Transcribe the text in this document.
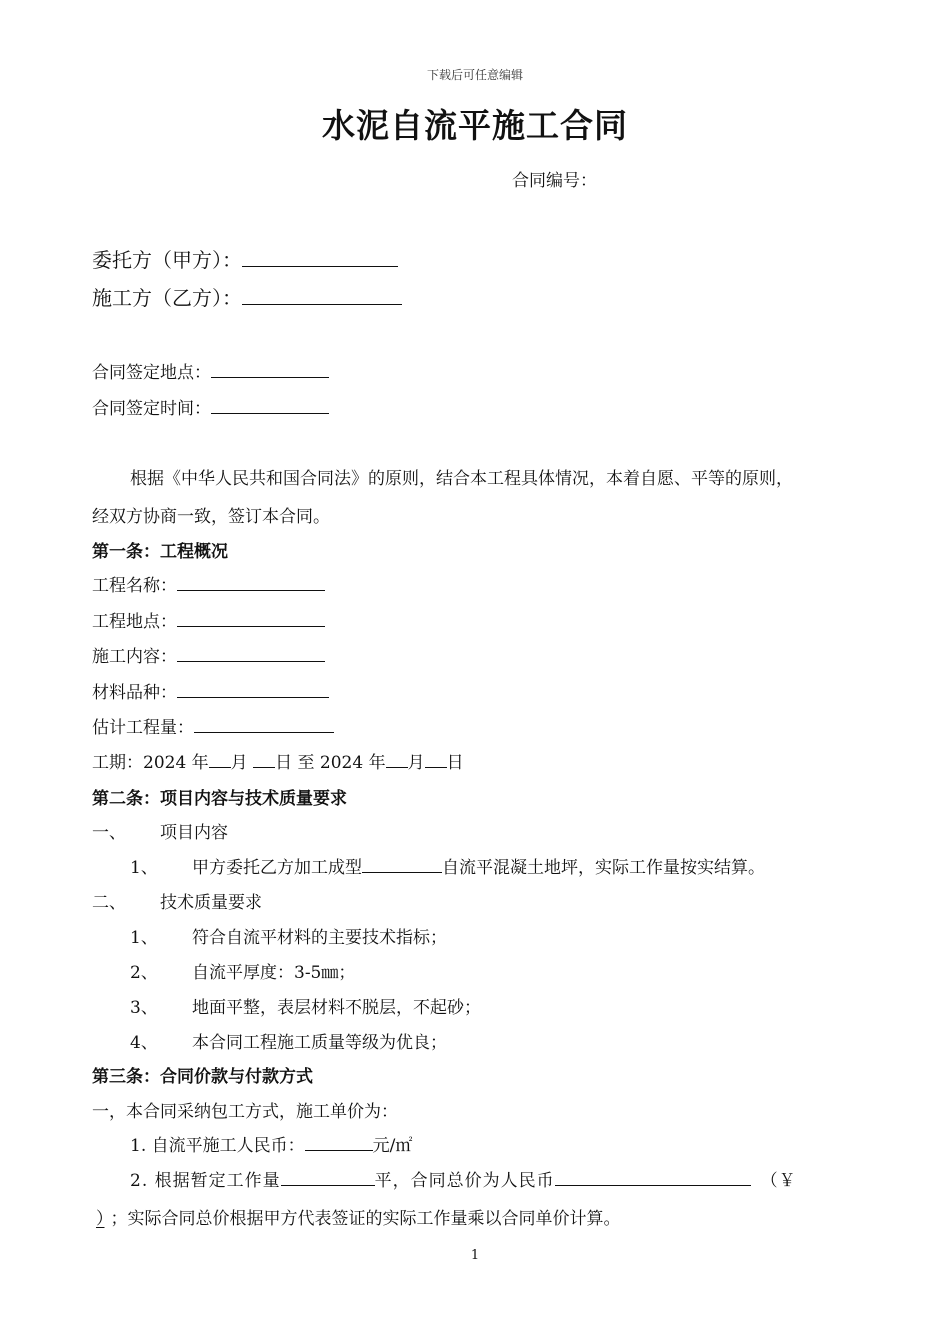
下载后可任意编辑
水泥自流平施工合同
合同编号：
委托方（甲方）：
施工方（乙方）：
合同签定地点：
合同签定时间：
根据《中华人民共和国合同法》的原则，结合本工程具体情况，本着自愿、平等的原则，
经双方协商一致，签订本合同。
第一条：工程概况
工程名称：
工程地点：
施工内容：
材料品种：
估计工程量：
工期：2024 年 月 日 至 2024 年 月 日
第二条：项目内容与技术质量要求
一、 项目内容
1、 甲方委托乙方加工成型	自流平混凝土地坪，实际工作量按实结算。
二、 技术质量要求
1、 符合自流平材料的主要技术指标；
2、 自流平厚度：3-5㎜；
3、 地面平整，表层材料不脱层，不起砂；
4、 本合同工程施工质量等级为优良；
第三条：合同价款与付款方式
一，本合同采纳包工方式，施工单价为：
1. 自流平施工人民币：	元/㎡
2. 根据暂定工作量	平，合同总价为人民币	（￥
） ；实际合同总价根据甲方代表签证的实际工作量乘以合同单价计算。
1
